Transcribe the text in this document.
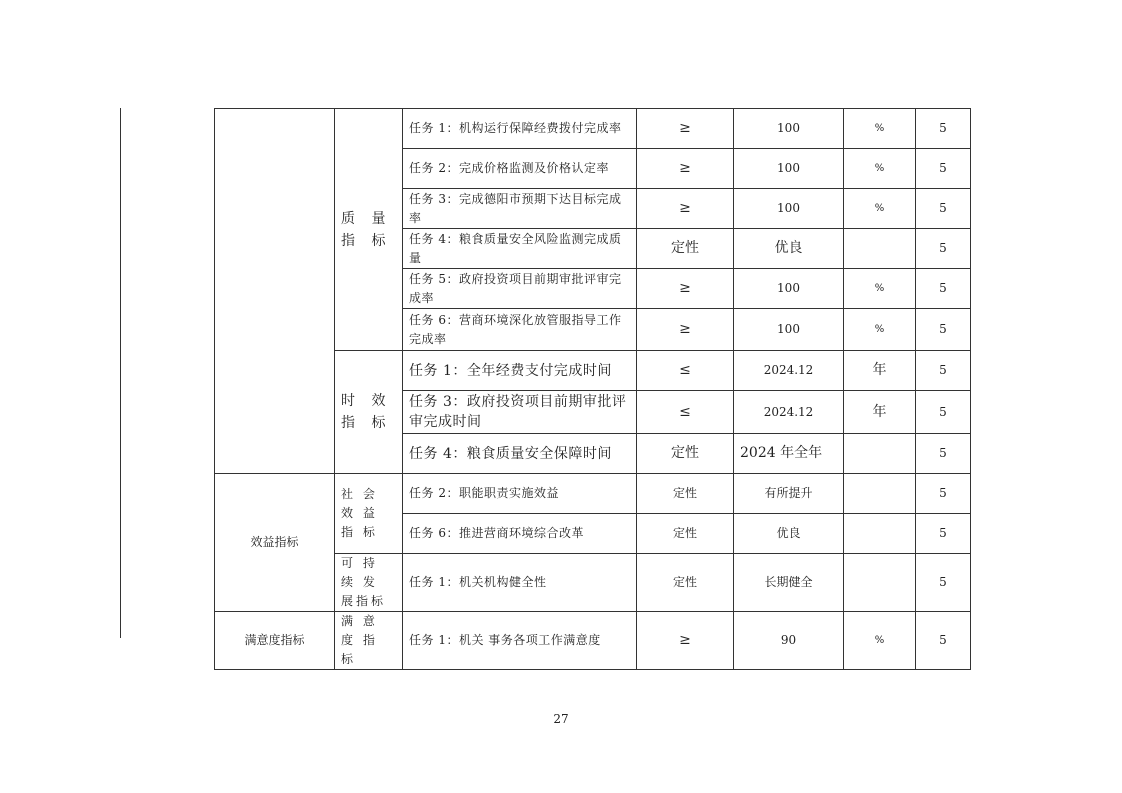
	质 量 指 标	任务 1：机构运行保障经费拨付完成率	≥	100	%	5
		任务 2：完成价格监测及价格认定率	≥	100	%	5
		任务 3：完成德阳市预期下达目标完成率	≥	100	%	5
		任务 4：粮食质量安全风险监测完成质量	定性	优良		5
		任务 5：政府投资项目前期审批评审完成率	≥	100	%	5
		任务 6：营商环境深化放管服指导工作完成率	≥	100	%	5
	时 效 指 标	任务 1：全年经费支付完成时间	≤	2024.12	年	5
		任务 3：政府投资项目前期审批评审完成时间	≤	2024.12	年	5
		任务 4：粮食质量安全保障时间	定性	2024 年全年		5
效益指标	社 会 效 益 指 标	任务 2：职能职责实施效益	定性	有所提升		5
		任务 6：推进营商环境综合改革	定性	优良		5
	可 持 续 发 展指标	任务 1：机关机构健全性	定性	长期健全		5
满意度指标	满 意 度 指 标	任务 1：机关 事务各项工作满意度	≥	90	%	5
27
